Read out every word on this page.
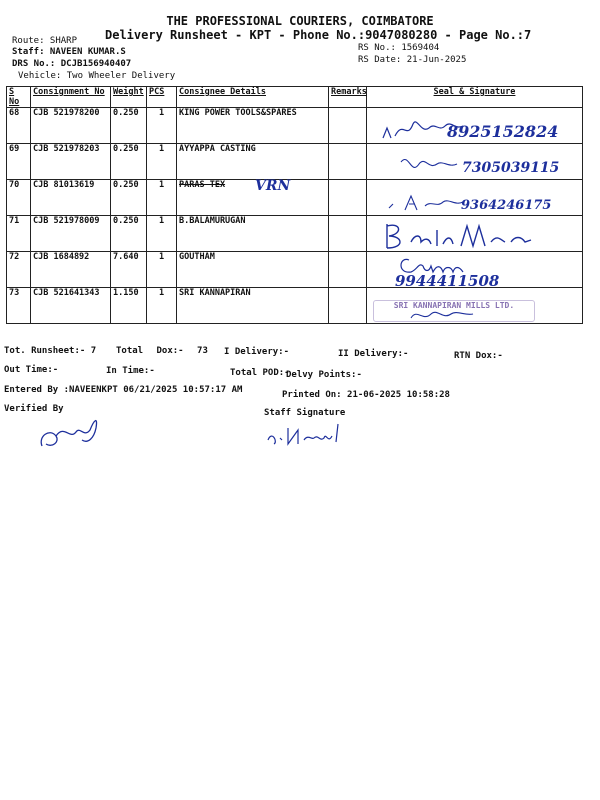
THE PROFESSIONAL COURIERS, COIMBATORE
Delivery Runsheet - KPT - Phone No.:9047080280 - Page No.:7
Route: SHARP
Staff: NAVEEN KUMAR.S
DRS No.: DCJB156940407
Vehicle: Two Wheeler Delivery
RS No.: 1569404
RS Date: 21-Jun-2025
S No	Consignment No	Weight	PCS	Consignee Details	Remarks	Seal & Signature
68	CJB 521978200	0.250	1	KING POWER TOOLS&SPARES		8925152824

69	CJB 521978203	0.250	1	AYYAPPA CASTING		7305039115

70	CJB 81013619	0.250	1	PARAS TEX VRN		9364246175

71	CJB 521978009	0.250	1	B.BALAMURUGAN		

72	CJB 1684892	7.640	1	GOUTHAM		9944411508

73	CJB 521641343	1.150	1	SRI KANNAPIRAN		SRI KANNAPIRAN MILLS LTD.
Tot. Runsheet:- 7 Total Dox:- 73 I Delivery:-	II Delivery:-	RTN Dox:-
Out Time:-	In Time:-	Total POD:-
Delvy Points:-
Entered By :NAVEENKPT 06/21/2025 10:57:17 AM	Printed On: 21-06-2025 10:58:28
Verified By	Staff Signature
